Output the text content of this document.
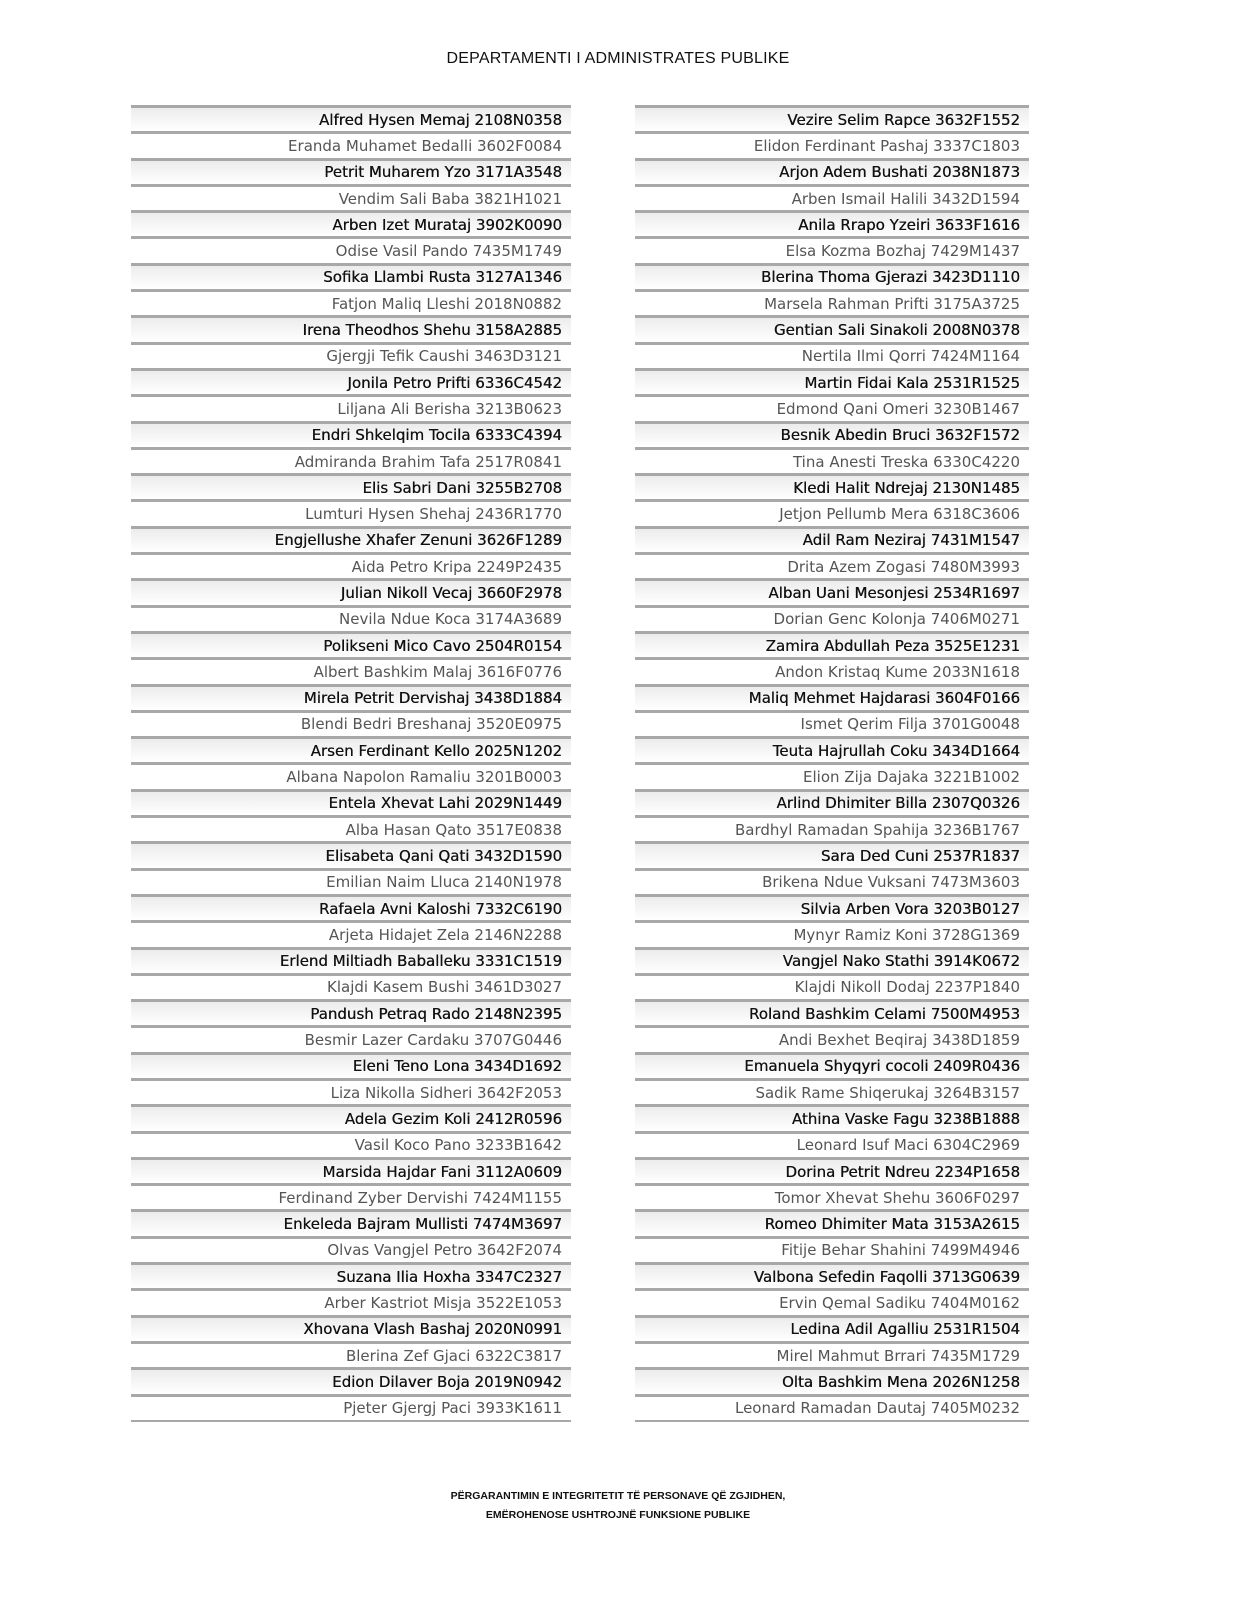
DEPARTAMENTI I ADMINISTRATES PUBLIKE
Alfred Hysen Memaj 2108N0358
Eranda Muhamet Bedalli 3602F0084
Petrit Muharem Yzo 3171A3548
Vendim Sali Baba 3821H1021
Arben Izet Murataj 3902K0090
Odise Vasil Pando 7435M1749
Sofika Llambi Rusta 3127A1346
Fatjon Maliq Lleshi 2018N0882
Irena Theodhos Shehu 3158A2885
Gjergji Tefik Caushi 3463D3121
Jonila Petro Prifti 6336C4542
Liljana Ali Berisha 3213B0623
Endri Shkelqim Tocila 6333C4394
Admiranda Brahim Tafa 2517R0841
Elis Sabri Dani 3255B2708
Lumturi Hysen Shehaj 2436R1770
Engjellushe Xhafer Zenuni 3626F1289
Aida Petro Kripa 2249P2435
Julian Nikoll Vecaj 3660F2978
Nevila Ndue Koca 3174A3689
Polikseni Mico Cavo 2504R0154
Albert Bashkim Malaj 3616F0776
Mirela Petrit Dervishaj 3438D1884
Blendi Bedri Breshanaj 3520E0975
Arsen Ferdinant Kello 2025N1202
Albana Napolon Ramaliu 3201B0003
Entela Xhevat Lahi 2029N1449
Alba Hasan Qato 3517E0838
Elisabeta Qani Qati 3432D1590
Emilian Naim Lluca 2140N1978
Rafaela Avni Kaloshi 7332C6190
Arjeta Hidajet Zela 2146N2288
Erlend Miltiadh Baballeku 3331C1519
Klajdi Kasem Bushi 3461D3027
Pandush Petraq Rado 2148N2395
Besmir Lazer Cardaku 3707G0446
Eleni Teno Lona 3434D1692
Liza Nikolla Sidheri 3642F2053
Adela Gezim Koli 2412R0596
Vasil Koco Pano 3233B1642
Marsida Hajdar Fani 3112A0609
Ferdinand Zyber Dervishi 7424M1155
Enkeleda Bajram Mullisti 7474M3697
Olvas Vangjel Petro 3642F2074
Suzana Ilia Hoxha 3347C2327
Arber Kastriot Misja 3522E1053
Xhovana Vlash Bashaj 2020N0991
Blerina Zef Gjaci 6322C3817
Edion Dilaver Boja 2019N0942
Pjeter Gjergj Paci 3933K1611
Vezire Selim Rapce 3632F1552
Elidon Ferdinant Pashaj 3337C1803
Arjon Adem Bushati 2038N1873
Arben Ismail Halili 3432D1594
Anila Rrapo Yzeiri 3633F1616
Elsa Kozma Bozhaj 7429M1437
Blerina Thoma Gjerazi 3423D1110
Marsela Rahman Prifti 3175A3725
Gentian Sali Sinakoli 2008N0378
Nertila Ilmi Qorri 7424M1164
Martin Fidai Kala 2531R1525
Edmond Qani Omeri 3230B1467
Besnik Abedin Bruci 3632F1572
Tina Anesti Treska 6330C4220
Kledi Halit Ndrejaj 2130N1485
Jetjon Pellumb Mera 6318C3606
Adil Ram Neziraj 7431M1547
Drita Azem Zogasi 7480M3993
Alban Uani Mesonjesi 2534R1697
Dorian Genc Kolonja 7406M0271
Zamira Abdullah Peza 3525E1231
Andon Kristaq Kume 2033N1618
Maliq Mehmet Hajdarasi 3604F0166
Ismet Qerim Filja 3701G0048
Teuta Hajrullah Coku 3434D1664
Elion Zija Dajaka 3221B1002
Arlind Dhimiter Billa 2307Q0326
Bardhyl Ramadan Spahija 3236B1767
Sara Ded Cuni 2537R1837
Brikena Ndue Vuksani 7473M3603
Silvia Arben Vora 3203B0127
Mynyr Ramiz Koni 3728G1369
Vangjel Nako Stathi 3914K0672
Klajdi Nikoll Dodaj 2237P1840
Roland Bashkim Celami 7500M4953
Andi Bexhet Beqiraj 3438D1859
Emanuela Shyqyri cocoli 2409R0436
Sadik Rame Shiqerukaj 3264B3157
Athina Vaske Fagu 3238B1888
Leonard Isuf Maci 6304C2969
Dorina Petrit Ndreu 2234P1658
Tomor Xhevat Shehu 3606F0297
Romeo Dhimiter Mata 3153A2615
Fitije Behar Shahini 7499M4946
Valbona Sefedin Faqolli 3713G0639
Ervin Qemal Sadiku 7404M0162
Ledina Adil Agalliu 2531R1504
Mirel Mahmut Brrari 7435M1729
Olta Bashkim Mena 2026N1258
Leonard Ramadan Dautaj 7405M0232
PËRGARANTIMIN E INTEGRITETIT TË PERSONAVE QË ZGJIDHEN,
EMËROHENOSE USHTROJNË FUNKSIONE PUBLIKE
